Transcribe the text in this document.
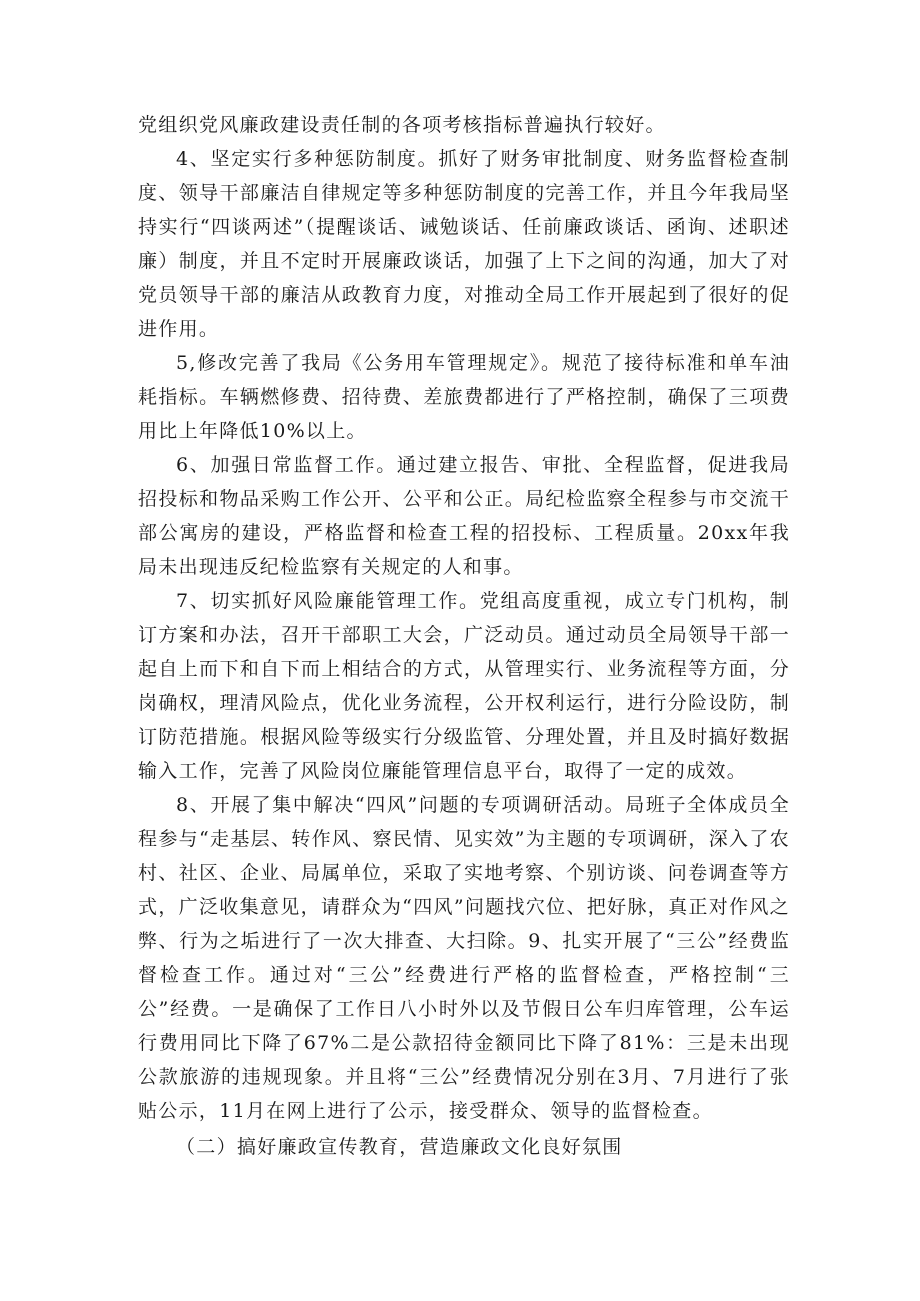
党组织党风廉政建设责任制的各项考核指标普遍执行较好。

4、坚定实行多种惩防制度。抓好了财务审批制度、财务监督检查制度、领导干部廉洁自律规定等多种惩防制度的完善工作，并且今年我局坚持实行“四谈两述”（提醒谈话、诫勉谈话、任前廉政谈话、函询、述职述廉）制度，并且不定时开展廉政谈话，加强了上下之间的沟通，加大了对党员领导干部的廉洁从政教育力度，对推动全局工作开展起到了很好的促进作用。

5,修改完善了我局《公务用车管理规定》。规范了接待标准和单车油耗指标。车辆燃修费、招待费、差旅费都进行了严格控制，确保了三项费用比上年降低10%以上。

6、加强日常监督工作。通过建立报告、审批、全程监督，促进我局招投标和物品采购工作公开、公平和公正。局纪检监察全程参与市交流干部公寓房的建设，严格监督和检查工程的招投标、工程质量。20xx年我局未出现违反纪检监察有关规定的人和事。

7、切实抓好风险廉能管理工作。党组高度重视，成立专门机构，制订方案和办法，召开干部职工大会，广泛动员。通过动员全局领导干部一起自上而下和自下而上相结合的方式，从管理实行、业务流程等方面，分岗确权，理清风险点，优化业务流程，公开权利运行，进行分险设防，制订防范措施。根据风险等级实行分级监管、分理处置，并且及时搞好数据输入工作，完善了风险岗位廉能管理信息平台，取得了一定的成效。

8、开展了集中解决“四风”问题的专项调研活动。局班子全体成员全程参与“走基层、转作风、察民情、见实效”为主题的专项调研，深入了农村、社区、企业、局属单位，采取了实地考察、个别访谈、问卷调查等方式，广泛收集意见，请群众为“四风”问题找穴位、把好脉，真正对作风之弊、行为之垢进行了一次大排查、大扫除。9、扎实开展了“三公”经费监督检查工作。通过对“三公”经费进行严格的监督检查，严格控制“三公”经费。一是确保了工作日八小时外以及节假日公车归库管理，公车运行费用同比下降了67%二是公款招待金额同比下降了81%：三是未出现公款旅游的违规现象。并且将“三公”经费情况分别在3月、7月进行了张贴公示，11月在网上进行了公示，接受群众、领导的监督检查。

（二）搞好廉政宣传教育，营造廉政文化良好氛围
